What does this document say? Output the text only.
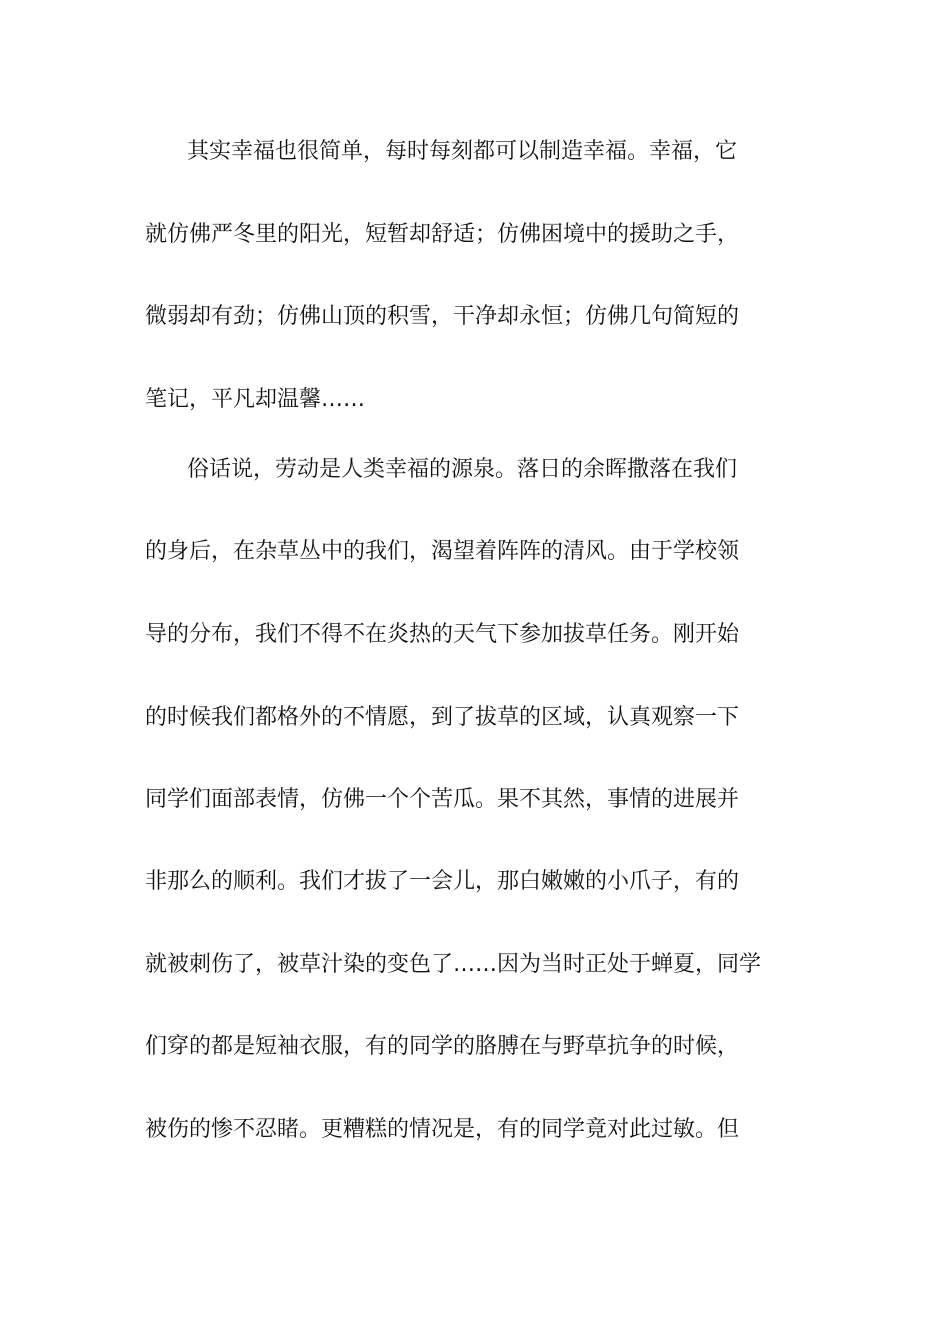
其实幸福也很简单，每时每刻都可以制造幸福。幸福，它

就仿佛严冬里的阳光，短暂却舒适；仿佛困境中的援助之手，

微弱却有劲；仿佛山顶的积雪，干净却永恒；仿佛几句简短的

笔记，平凡却温馨……

俗话说，劳动是人类幸福的源泉。落日的余晖撒落在我们

的身后，在杂草丛中的我们，渴望着阵阵的清风。由于学校领

导的分布，我们不得不在炎热的天气下参加拔草任务。刚开始

的时候我们都格外的不情愿，到了拔草的区域，认真观察一下

同学们面部表情，仿佛一个个苦瓜。果不其然，事情的进展并

非那么的顺利。我们才拔了一会儿，那白嫩嫩的小爪子，有的

就被刺伤了，被草汁染的变色了……因为当时正处于蝉夏，同学

们穿的都是短袖衣服，有的同学的胳膊在与野草抗争的时候，

被伤的惨不忍睹。更糟糕的情况是，有的同学竟对此过敏。但
